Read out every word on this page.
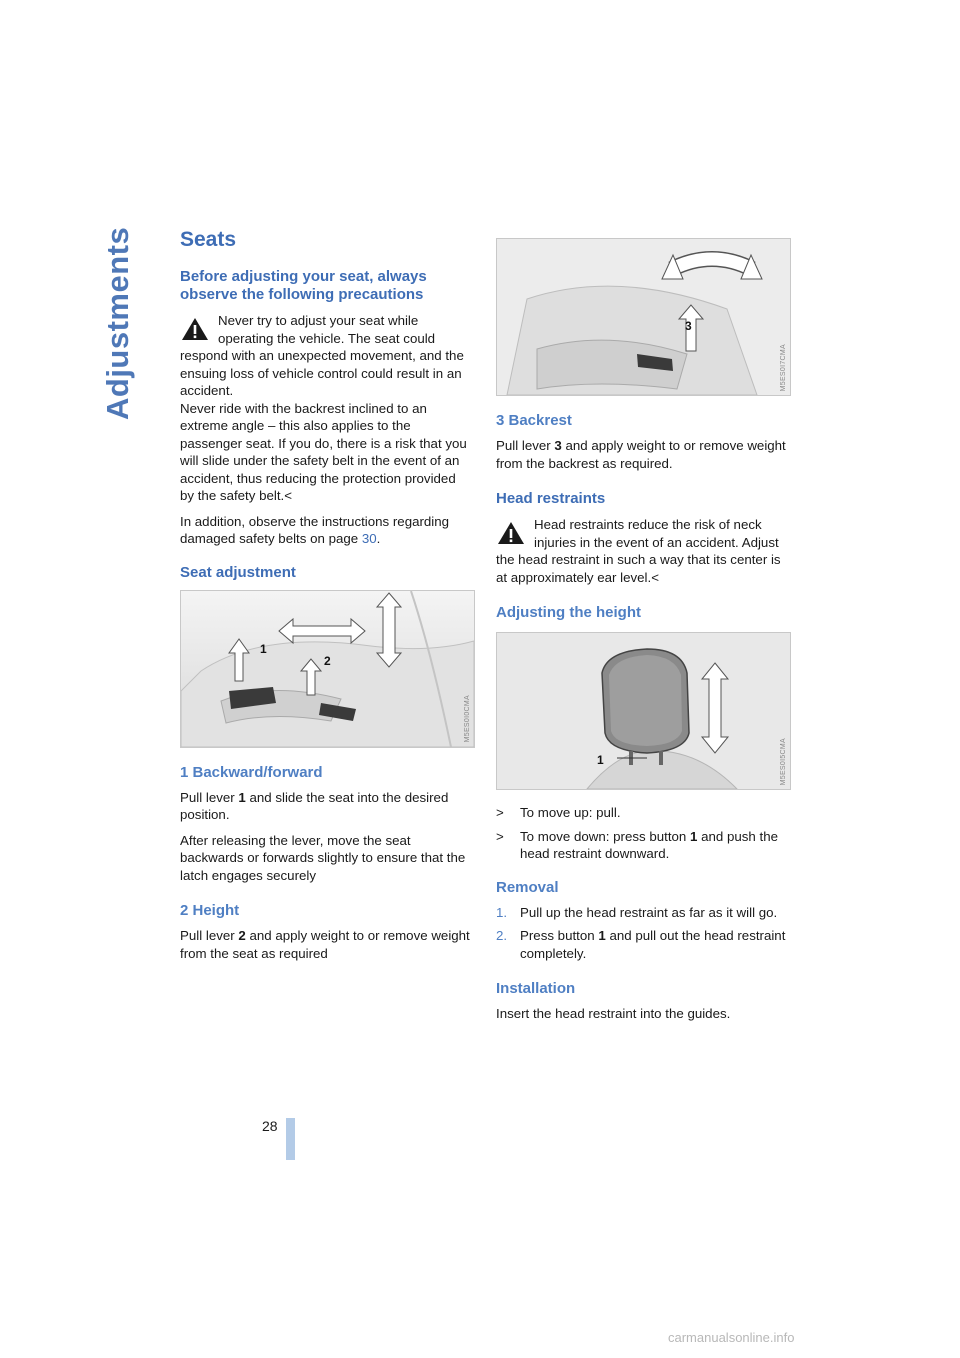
Adjustments Seats
Before adjusting your seat, always observe the following precautions

Never try to adjust your seat while operating the vehicle. The seat could respond with an unexpected movement, and the ensuing loss of vehicle control could result in an accident.

Never ride with the backrest inclined to an extreme angle – this also applies to the passenger seat. If you do, there is a risk that you will slide under the safety belt in the event of an accident, thus reducing the protection provided by the safety belt.<

In addition, observe the instructions regarding damaged safety belts on page 30.

Seat adjustment
1
2
M5ES0I0CMA
1 Backward/forward

Pull lever 1 and slide the seat into the desired position.

After releasing the lever, move the seat backwards or forwards slightly to ensure that the latch engages securely

2 Height

Pull lever 2 and apply weight to or remove weight from the seat as required

3
M5ES0I7CMA
3 Backrest

Pull lever 3 and apply weight to or remove weight from the backrest as required.

Head restraints

Head restraints reduce the risk of neck injuries in the event of an accident. Adjust the head restraint in such a way that its center is at approximately ear level.<

Adjusting the height
1	M5ES0I5CMA
> To move up: pull.
> To move down: press button 1 and push the head restraint downward.
Removal
1. Pull up the head restraint as far as it will go.
2. Press button 1 and pull out the head restraint completely.
Installation

Insert the head restraint into the guides.

28
carmanualsonline.info
